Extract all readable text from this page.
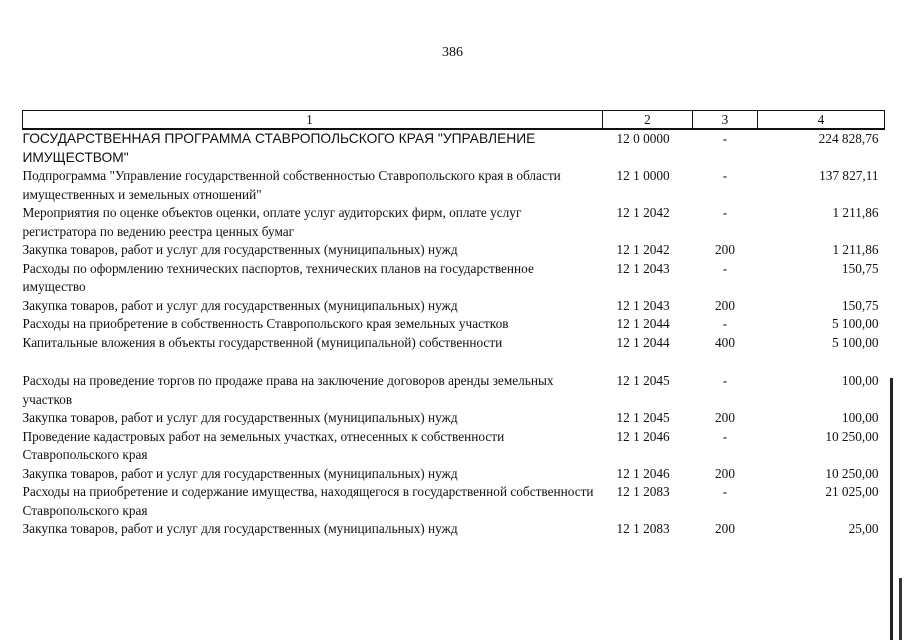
386
1	2	3	4
ГОСУДАРСТВЕННАЯ ПРОГРАММА СТАВРОПОЛЬСКОГО КРАЯ "УПРАВЛЕНИЕ ИМУЩЕСТВОМ"	12 0 0000	-	224 828,76
Подпрограмма "Управление государственной собственностью Ставропольского края в области имущественных и земельных отношений"	12 1 0000	-	137 827,11
Мероприятия по оценке объектов оценки, оплате услуг аудиторских фирм, оплате услуг регистратора по ведению реестра ценных бумаг	12 1 2042	-	1 211,86
Закупка товаров, работ и услуг для государственных (муниципальных) нужд	12 1 2042	200	1 211,86
Расходы по оформлению технических паспортов, технических планов на государственное имущество	12 1 2043	-	150,75
Закупка товаров, работ и услуг для государственных (муниципальных) нужд	12 1 2043	200	150,75
Расходы на приобретение в собственность Ставропольского края земельных участков	12 1 2044	-	5 100,00
Капитальные вложения в объекты государственной (муниципальной) собственности	12 1 2044	400	5 100,00

Расходы на проведение торгов по продаже права на заключение договоров аренды земельных участков	12 1 2045	-	100,00
Закупка товаров, работ и услуг для государственных (муниципальных) нужд	12 1 2045	200	100,00
Проведение кадастровых работ на земельных участках, отнесенных к собственности Ставропольского края	12 1 2046	-	10 250,00
Закупка товаров, работ и услуг для государственных (муниципальных) нужд	12 1 2046	200	10 250,00
Расходы на приобретение и содержание имущества, находящегося в государственной собственности Ставропольского края	12 1 2083	-	21 025,00
Закупка товаров, работ и услуг для государственных (муниципальных) нужд	12 1 2083	200	25,00
